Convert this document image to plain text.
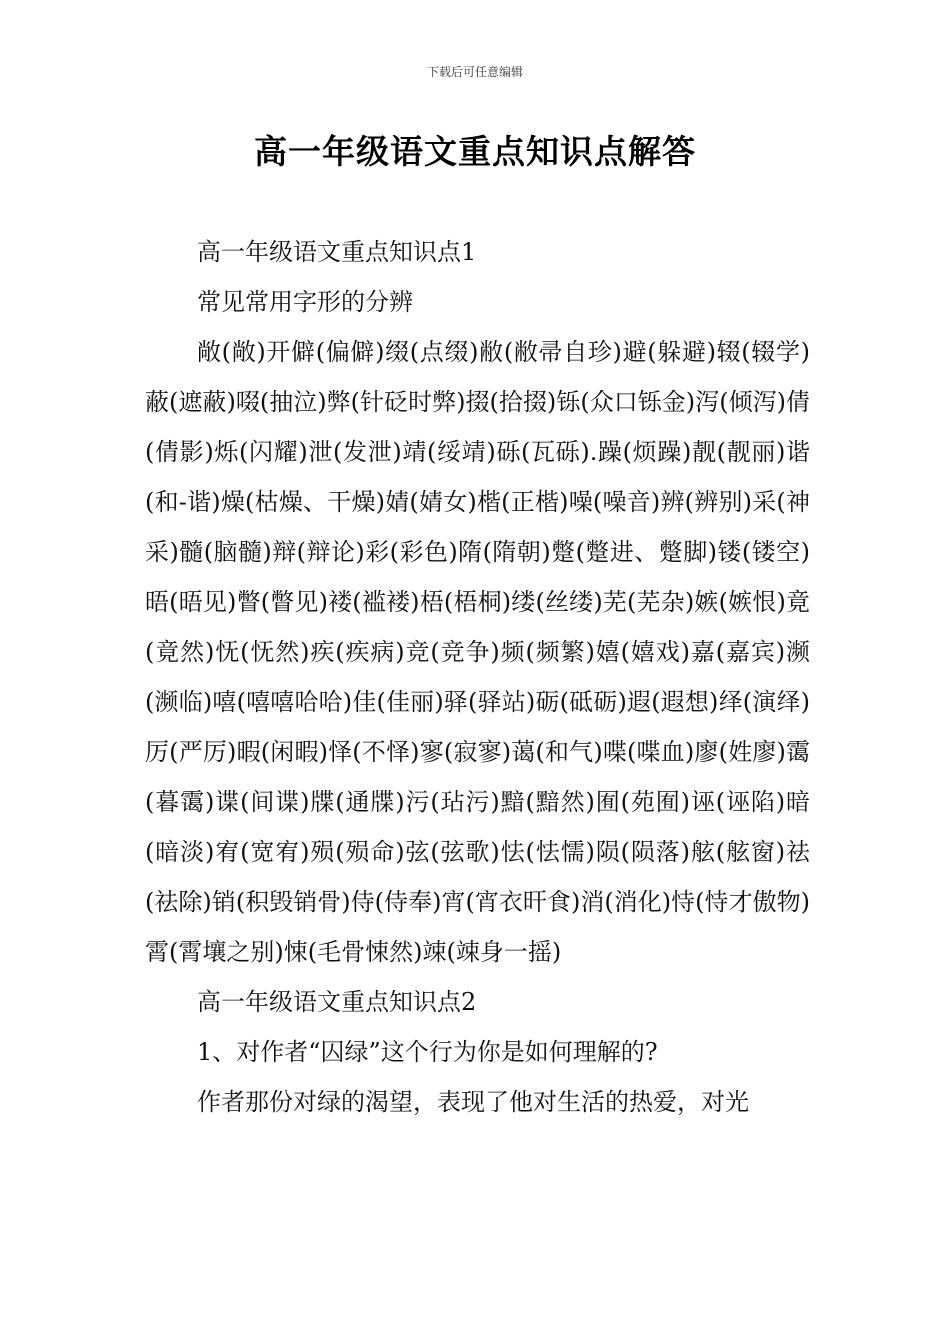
下载后可任意编辑
高一年级语文重点知识点解答

高一年级语文重点知识点1

常见常用字形的分辨

敞(敞)开僻(偏僻)缀(点缀)敝(敝帚自珍)避(躲避)辍(辍学)蔽(遮蔽)啜(抽泣)弊(针砭时弊)掇(拾掇)铄(众口铄金)泻(倾泻)倩(倩影)烁(闪耀)泄(发泄)靖(绥靖)砾(瓦砾).躁(烦躁)靓(靓丽)谐(和-谐)燥(枯燥、干燥)婧(婧女)楷(正楷)噪(噪音)辨(辨别)采(神采)髓(脑髓)辩(辩论)彩(彩色)隋(隋朝)蹩(蹩进、蹩脚)镂(镂空)晤(晤见)瞥(瞥见)褛(褴褛)梧(梧桐)缕(丝缕)芜(芜杂)嫉(嫉恨)竟(竟然)怃(怃然)疾(疾病)竞(竞争)频(频繁)嬉(嬉戏)嘉(嘉宾)濒(濒临)嘻(嘻嘻哈哈)佳(佳丽)驿(驿站)砺(砥砺)遐(遐想)绎(演绎)厉(严厉)暇(闲暇)怿(不怿)寥(寂寥)蔼(和气)喋(喋血)廖(姓廖)霭(暮霭)谍(间谍)牒(通牒)污(玷污)黯(黯然)囿(苑囿)诬(诬陷)暗(暗淡)宥(宽宥)殒(殒命)弦(弦歌)怯(怯懦)陨(陨落)舷(舷窗)祛(祛除)销(积毁销骨)侍(侍奉)宵(宵衣旰食)消(消化)恃(恃才傲物)霄(霄壤之别)悚(毛骨悚然)竦(竦身一摇)

高一年级语文重点知识点2

1、对作者“囚绿”这个行为你是如何理解的?

作者那份对绿的渴望，表现了他对生活的热爱，对光
